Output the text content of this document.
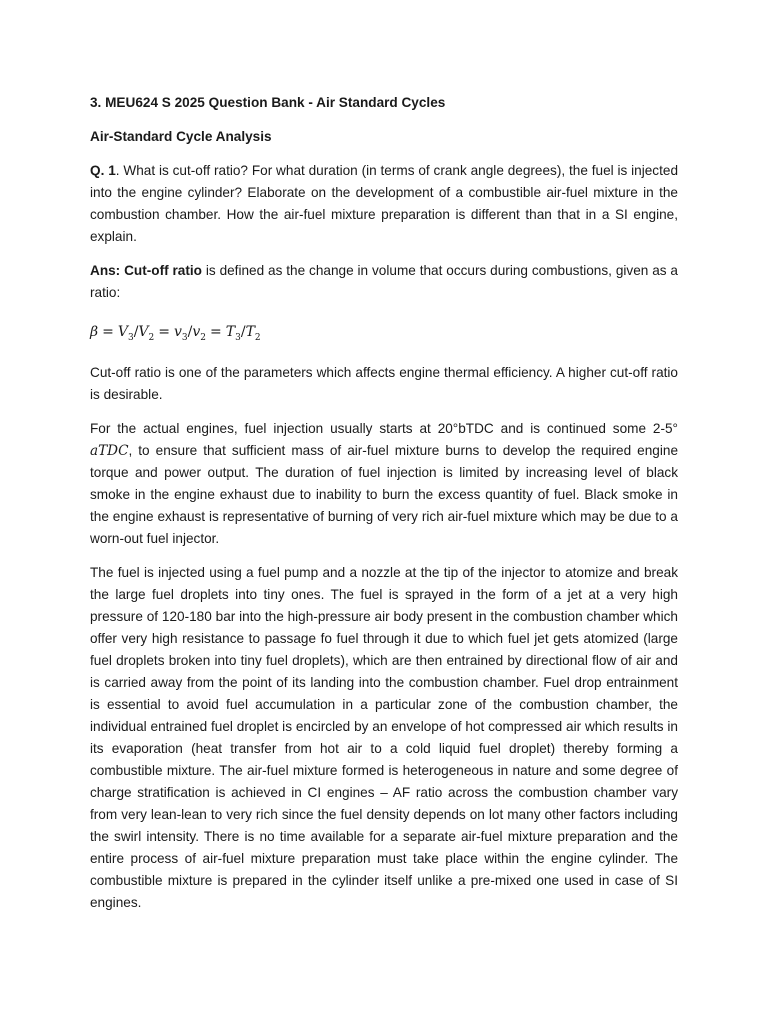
3. MEU624 S 2025 Question Bank - Air Standard Cycles

Air-Standard Cycle Analysis

Q. 1. What is cut-off ratio? For what duration (in terms of crank angle degrees), the fuel is injected into the engine cylinder? Elaborate on the development of a combustible air-fuel mixture in the combustion chamber. How the air-fuel mixture preparation is different than that in a SI engine, explain.

Ans: Cut-off ratio is defined as the change in volume that occurs during combustions, given as a ratio:

$\beta = V_3/V_2 = v_3/v_2 = T_3/T_2$

Cut-off ratio is one of the parameters which affects engine thermal efficiency. A higher cut-off ratio is desirable.

For the actual engines, fuel injection usually starts at 20°bTDC and is continued some 2-5° aTDC, to ensure that sufficient mass of air-fuel mixture burns to develop the required engine torque and power output. The duration of fuel injection is limited by increasing level of black smoke in the engine exhaust due to inability to burn the excess quantity of fuel. Black smoke in the engine exhaust is representative of burning of very rich air-fuel mixture which may be due to a worn-out fuel injector.

The fuel is injected using a fuel pump and a nozzle at the tip of the injector to atomize and break the large fuel droplets into tiny ones. The fuel is sprayed in the form of a jet at a very high pressure of 120-180 bar into the high-pressure air body present in the combustion chamber which offer very high resistance to passage fo fuel through it due to which fuel jet gets atomized (large fuel droplets broken into tiny fuel droplets), which are then entrained by directional flow of air and is carried away from the point of its landing into the combustion chamber. Fuel drop entrainment is essential to avoid fuel accumulation in a particular zone of the combustion chamber, the individual entrained fuel droplet is encircled by an envelope of hot compressed air which results in its evaporation (heat transfer from hot air to a cold liquid fuel droplet) thereby forming a combustible mixture. The air-fuel mixture formed is heterogeneous in nature and some degree of charge stratification is achieved in CI engines – AF ratio across the combustion chamber vary from very lean-lean to very rich since the fuel density depends on lot many other factors including the swirl intensity. There is no time available for a separate air-fuel mixture preparation and the entire process of air-fuel mixture preparation must take place within the engine cylinder. The combustible mixture is prepared in the cylinder itself unlike a pre-mixed one used in case of SI engines.
